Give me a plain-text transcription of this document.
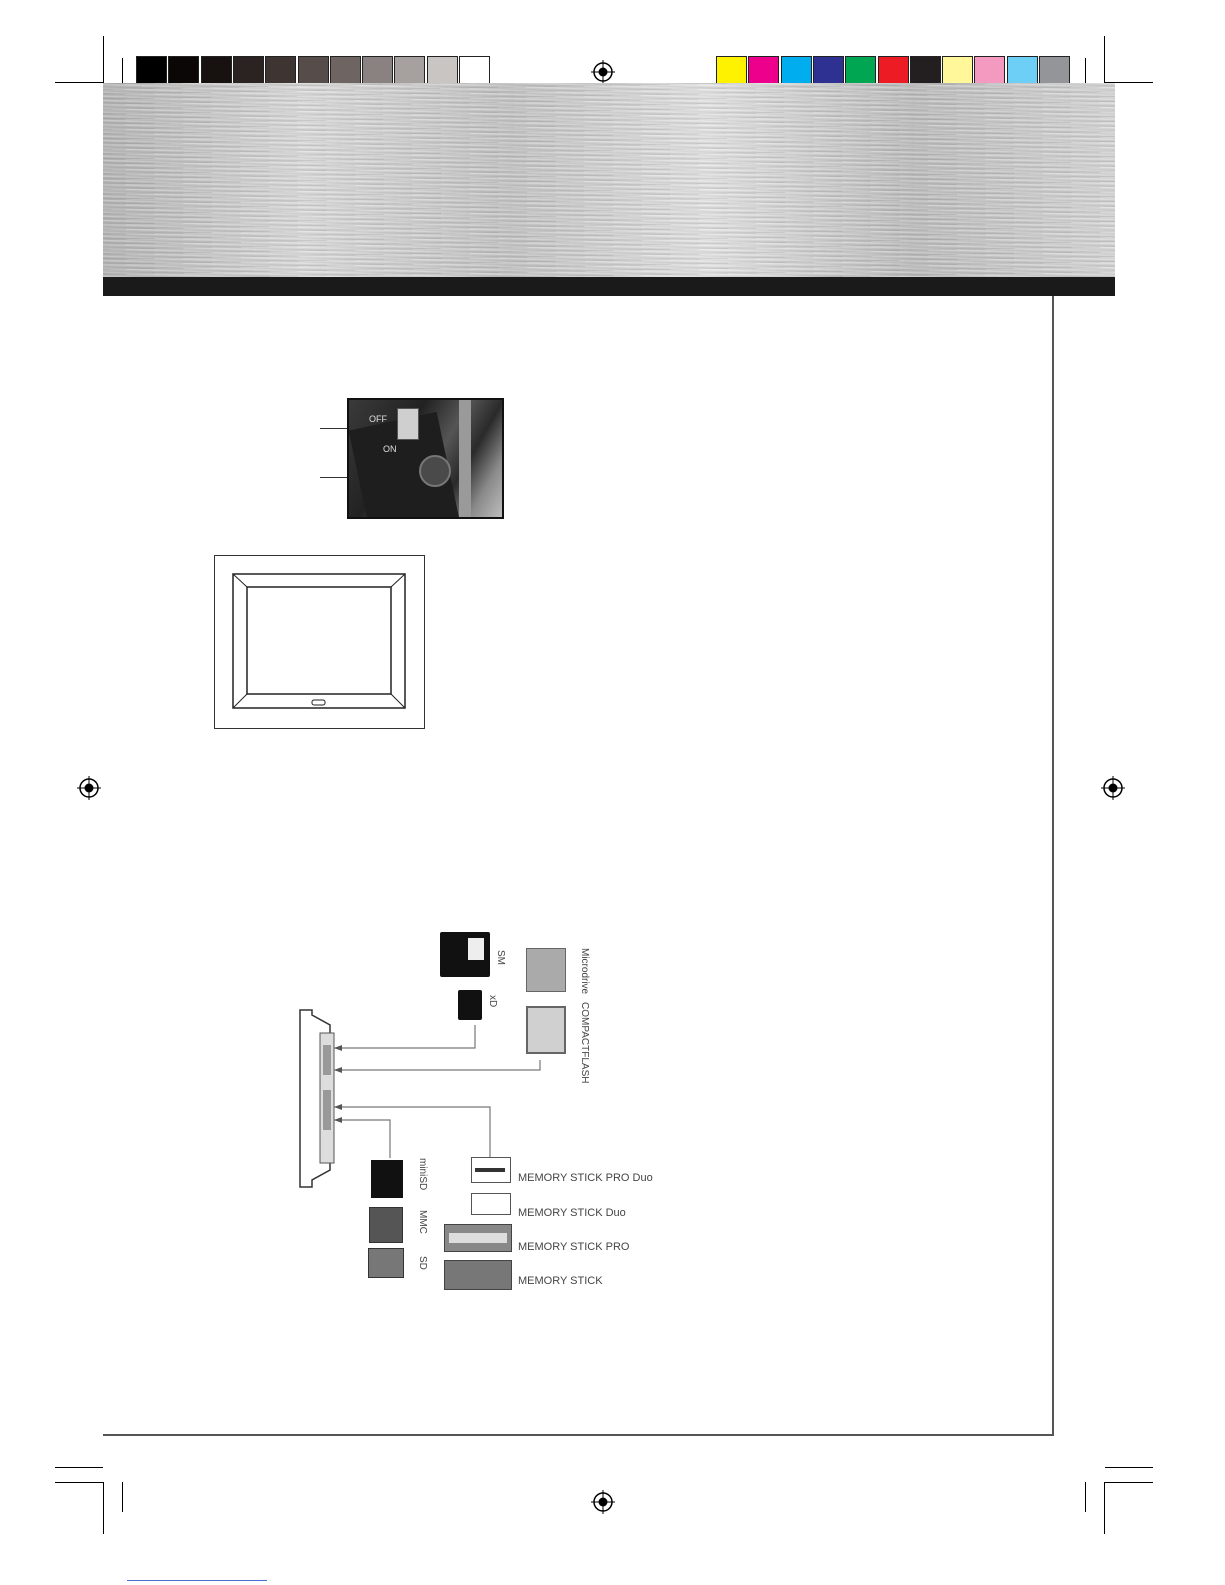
OFF
ON
SM
xD
Microdrive
COMPACTFLASH
miniSD
MMC
SD
MEMORY STICK PRO Duo
MEMORY STICK Duo
MEMORY STICK PRO
MEMORY STICK
